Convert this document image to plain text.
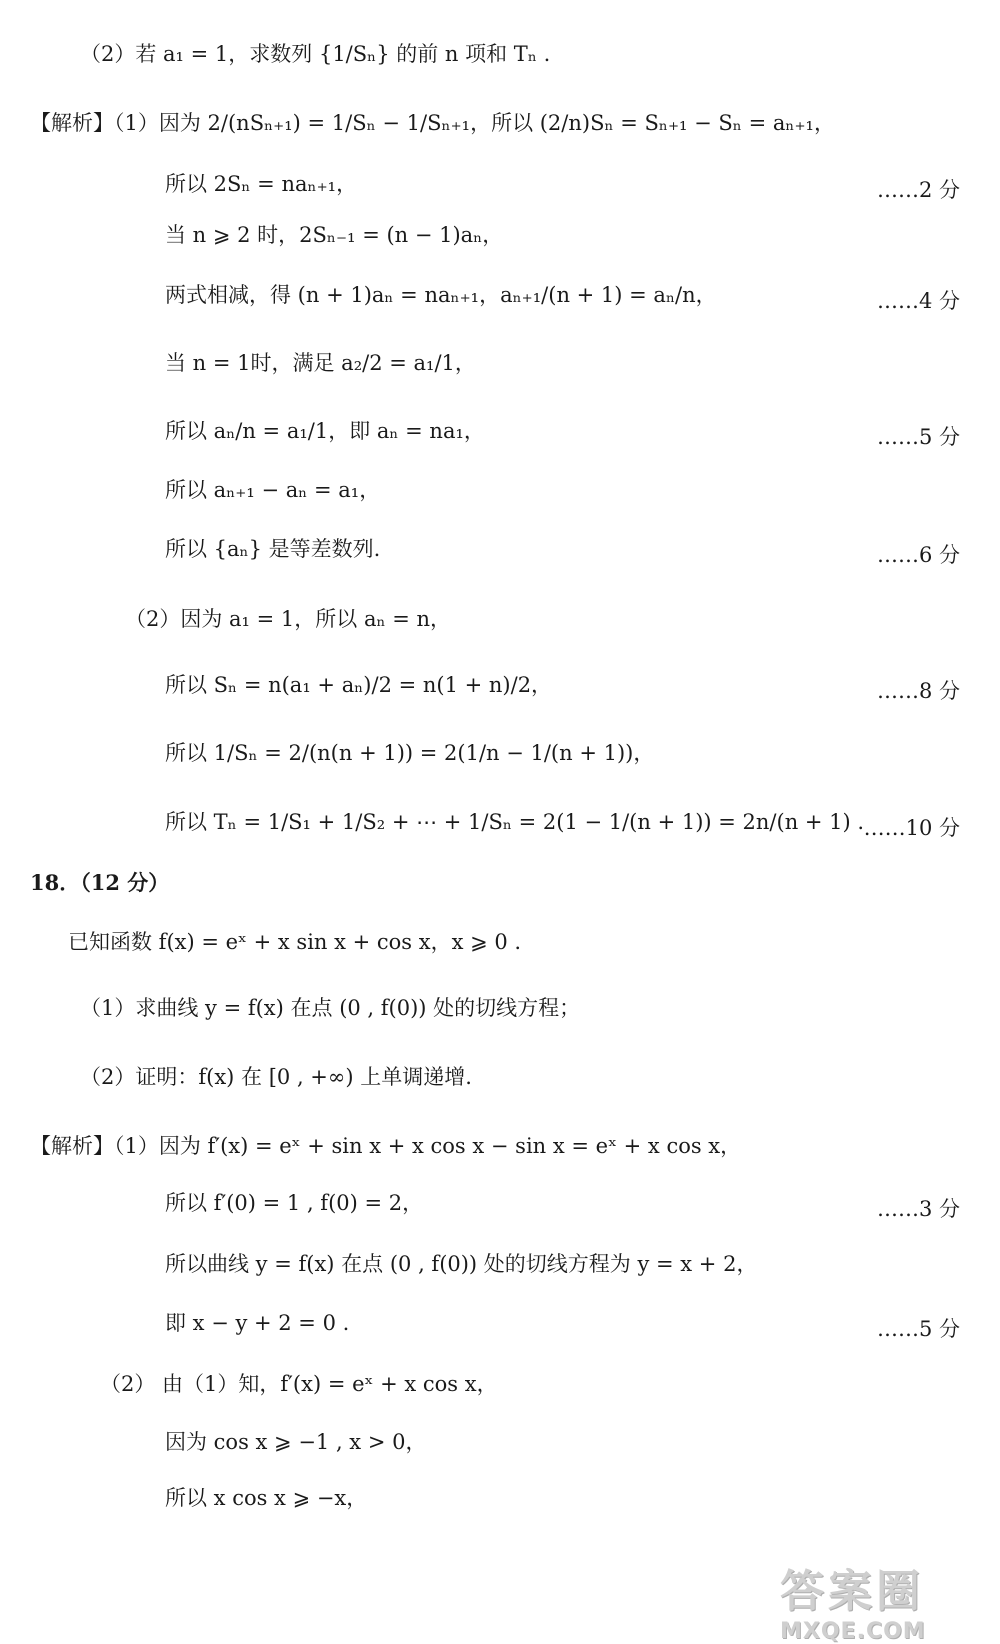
（2）若 a₁ = 1，求数列 {1/Sₙ} 的前 n 项和 Tₙ .
【解析】（1）因为 2/(nSₙ₊₁) = 1/Sₙ − 1/Sₙ₊₁，所以 (2/n)Sₙ = Sₙ₊₁ − Sₙ = aₙ₊₁，
所以 2Sₙ = naₙ₊₁，	……2 分
当 n ⩾ 2 时，2Sₙ₋₁ = (n − 1)aₙ，
两式相减，得 (n + 1)aₙ = naₙ₊₁，aₙ₊₁/(n + 1) = aₙ/n，	……4 分
当 n = 1时，满足 a₂/2 = a₁/1，
所以 aₙ/n = a₁/1，即 aₙ = na₁，	……5 分
所以 aₙ₊₁ − aₙ = a₁，
所以 {aₙ} 是等差数列.	……6 分
（2）因为 a₁ = 1，所以 aₙ = n，
所以 Sₙ = n(a₁ + aₙ)/2 = n(1 + n)/2，	……8 分
所以 1/Sₙ = 2/(n(n + 1)) = 2(1/n − 1/(n + 1))，
所以 Tₙ = 1/S₁ + 1/S₂ + ⋯ + 1/Sₙ = 2(1 − 1/(n + 1)) = 2n/(n + 1) . ……10 分
18．（12 分）
已知函数 f(x) = eˣ + x sin x + cos x，x ⩾ 0 .
（1）求曲线 y = f(x) 在点 (0 , f(0)) 处的切线方程；
（2）证明：f(x) 在 [0 , +∞) 上单调递增.
【解析】（1）因为 f′(x) = eˣ + sin x + x cos x − sin x = eˣ + x cos x，
所以 f′(0) = 1 , f(0) = 2，	……3 分
所以曲线 y = f(x) 在点 (0 , f(0)) 处的切线方程为 y = x + 2，
即 x − y + 2 = 0 .	……5 分
（2） 由（1）知，f′(x) = eˣ + x cos x，
因为 cos x ⩾ −1 , x > 0，
所以 x cos x ⩾ −x，
答案圈
MXQE.COM
